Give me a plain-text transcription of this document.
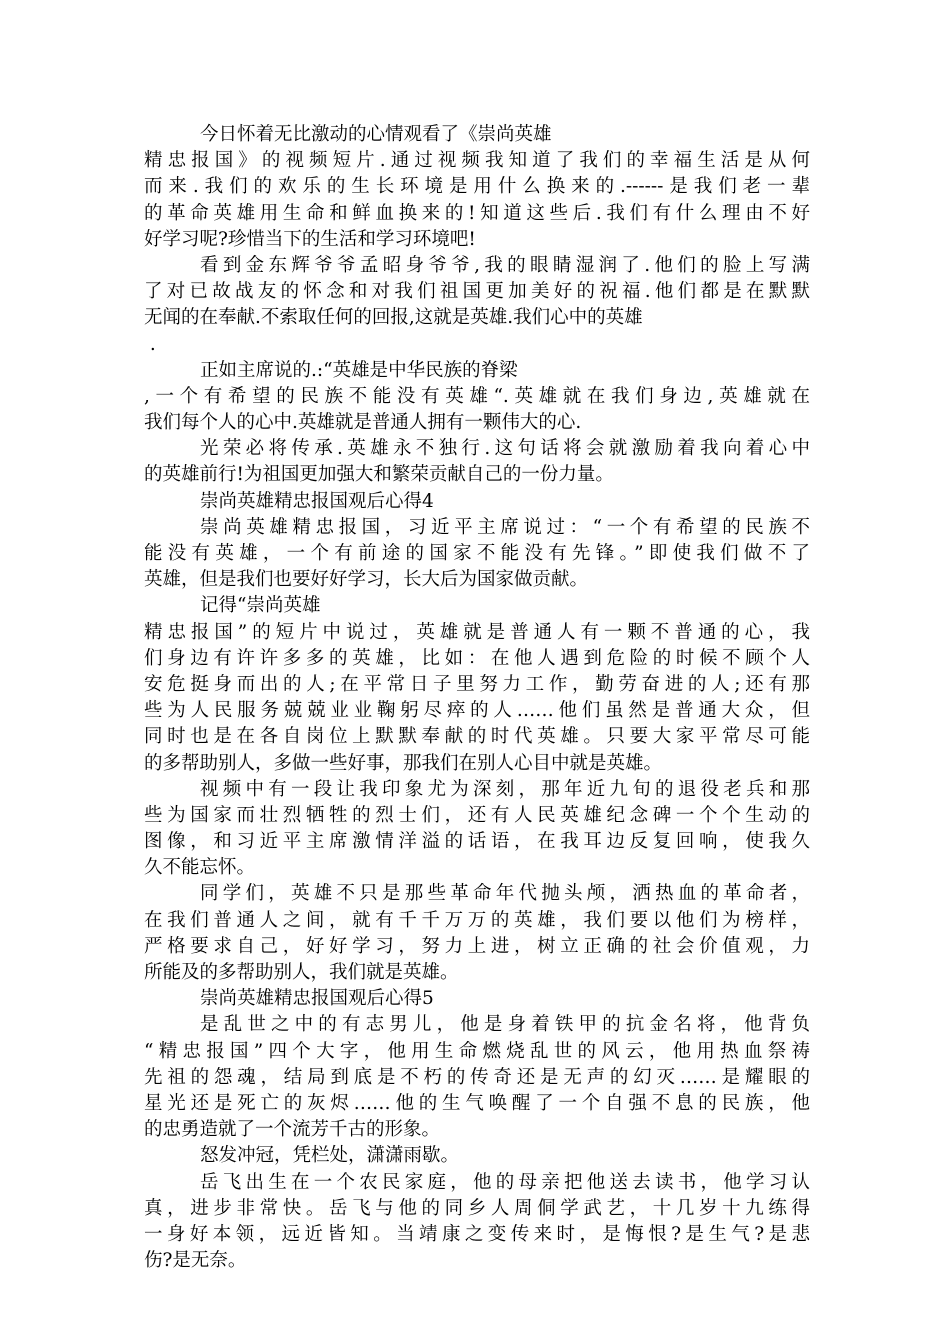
今日怀着无比激动的心情观看了《崇尚英雄
精忠报国》的视频短片.通过视频我知道了我们的幸福生活是从何
而来.我们的欢乐的生长环境是用什么换来的.------是我们老一辈
的革命英雄用生命和鲜血换来的!知道这些后.我们有什么理由不好
好学习呢?珍惜当下的生活和学习环境吧!
看到金东辉爷爷孟昭身爷爷,我的眼睛湿润了.他们的脸上写满
了对已故战友的怀念和对我们祖国更加美好的祝福.他们都是在默默
无闻的在奉献.不索取任何的回报,这就是英雄.我们心中的英雄
.
正如主席说的.:“英雄是中华民族的脊梁
,一个有希望的民族不能没有英雄“.英雄就在我们身边,英雄就在
我们每个人的心中.英雄就是普通人拥有一颗伟大的心.
光荣必将传承.英雄永不独行.这句话将会就激励着我向着心中
的英雄前行!为祖国更加强大和繁荣贡献自己的一份力量。
崇尚英雄精忠报国观后心得4
崇尚英雄精忠报国，习近平主席说过：“一个有希望的民族不
能没有英雄，一个有前途的国家不能没有先锋。”即使我们做不了
英雄，但是我们也要好好学习，长大后为国家做贡献。
记得“崇尚英雄
精忠报国”的短片中说过，英雄就是普通人有一颗不普通的心，我
们身边有许许多多的英雄，比如：在他人遇到危险的时候不顾个人
安危挺身而出的人;在平常日子里努力工作，勤劳奋进的人;还有那
些为人民服务兢兢业业鞠躬尽瘁的人……他们虽然是普通大众，但
同时也是在各自岗位上默默奉献的时代英雄。只要大家平常尽可能
的多帮助别人，多做一些好事，那我们在别人心目中就是英雄。
视频中有一段让我印象尤为深刻，那年近九旬的退役老兵和那
些为国家而壮烈牺牲的烈士们，还有人民英雄纪念碑一个个生动的
图像，和习近平主席激情洋溢的话语，在我耳边反复回响，使我久
久不能忘怀。
同学们，英雄不只是那些革命年代抛头颅，洒热血的革命者，
在我们普通人之间，就有千千万万的英雄，我们要以他们为榜样，
严格要求自己，好好学习，努力上进，树立正确的社会价值观，力
所能及的多帮助别人，我们就是英雄。
崇尚英雄精忠报国观后心得5
是乱世之中的有志男儿，他是身着铁甲的抗金名将，他背负
“精忠报国”四个大字，他用生命燃烧乱世的风云，他用热血祭祷
先祖的怨魂，结局到底是不朽的传奇还是无声的幻灭……是耀眼的
星光还是死亡的灰烬……他的生气唤醒了一个自强不息的民族，他
的忠勇造就了一个流芳千古的形象。
怒发冲冠，凭栏处，潇潇雨歇。
岳飞出生在一个农民家庭，他的母亲把他送去读书，他学习认
真，进步非常快。岳飞与他的同乡人周侗学武艺，十几岁十九练得
一身好本领，远近皆知。当靖康之变传来时，是悔恨?是生气?是悲
伤?是无奈。
